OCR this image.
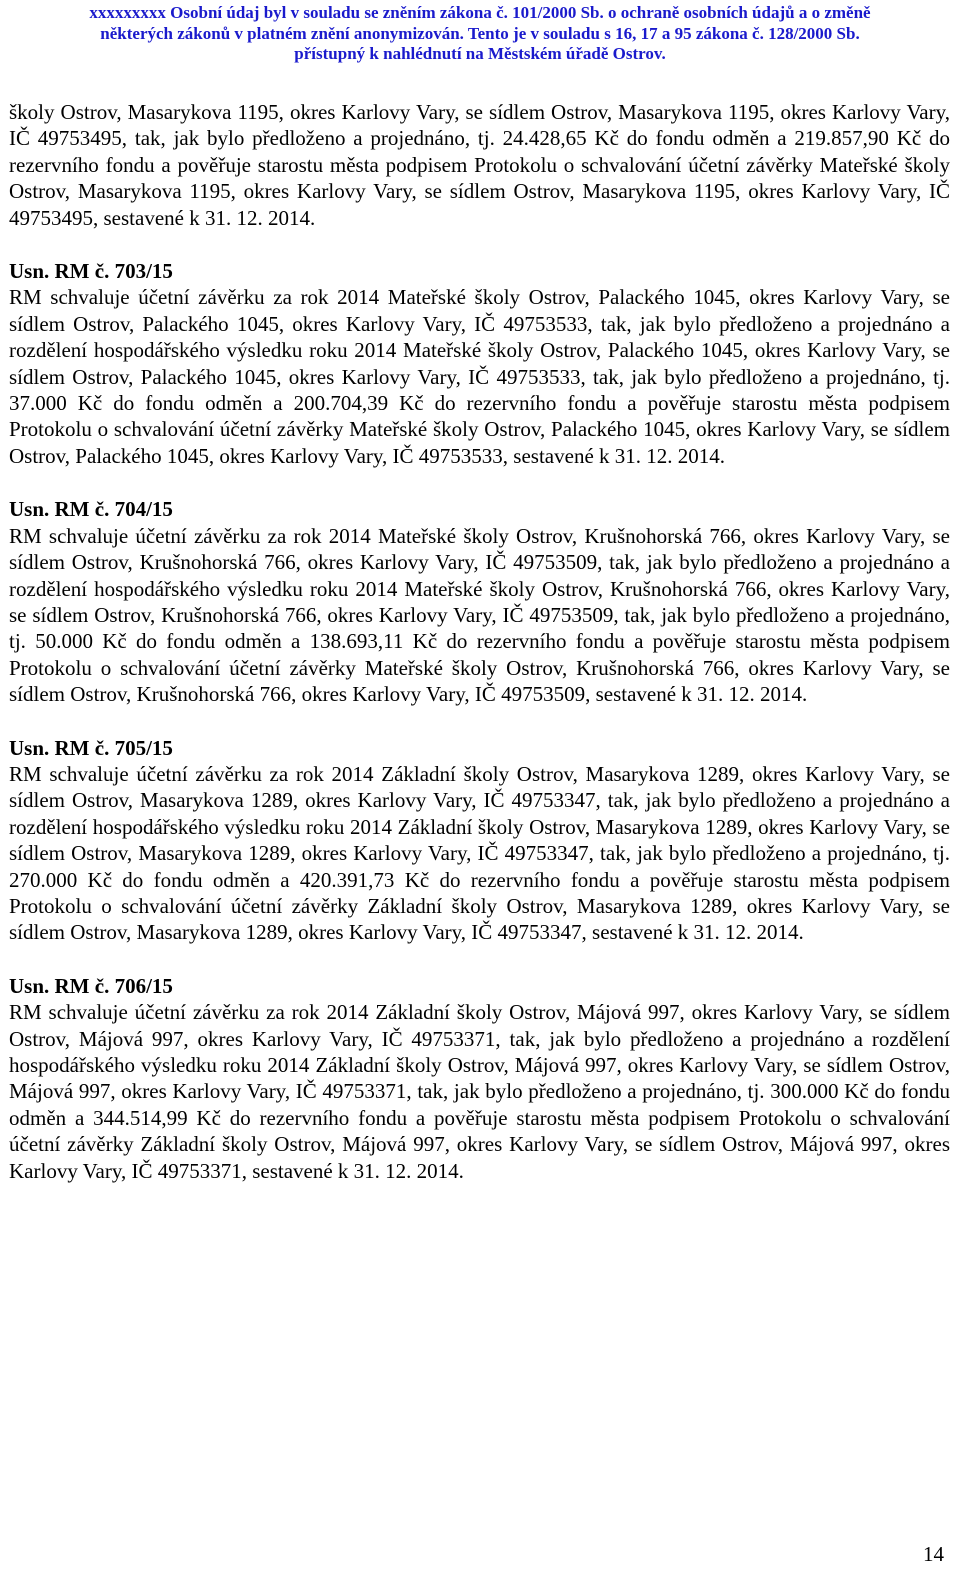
xxxxxxxxx Osobní údaj byl v souladu se zněním zákona č. 101/2000 Sb. o ochraně osobních údajů a o změně
některých zákonů v platném znění anonymizován. Tento je v souladu s 16, 17 a 95 zákona č. 128/2000 Sb.
přístupný k nahlédnutí na Městském úřadě Ostrov.

školy Ostrov, Masarykova 1195, okres Karlovy Vary, se sídlem Ostrov, Masarykova 1195, okres Karlovy Vary, IČ 49753495, tak, jak bylo předloženo a projednáno, tj. 24.428,65 Kč do fondu odměn a 219.857,90 Kč do rezervního fondu a pověřuje starostu města podpisem Protokolu o schvalování účetní závěrky Mateřské školy Ostrov, Masarykova 1195, okres Karlovy Vary, se sídlem Ostrov, Masarykova 1195, okres Karlovy Vary, IČ 49753495, sestavené k 31. 12. 2014.

Usn. RM č. 703/15

RM schvaluje účetní závěrku za rok 2014 Mateřské školy Ostrov, Palackého 1045, okres Karlovy Vary, se sídlem Ostrov, Palackého 1045, okres Karlovy Vary, IČ 49753533, tak, jak bylo předloženo a projednáno a rozdělení hospodářského výsledku roku 2014 Mateřské školy Ostrov, Palackého 1045, okres Karlovy Vary, se sídlem Ostrov, Palackého 1045, okres Karlovy Vary, IČ 49753533, tak, jak bylo předloženo a projednáno, tj. 37.000 Kč do fondu odměn a 200.704,39 Kč do rezervního fondu a pověřuje starostu města podpisem Protokolu o schvalování účetní závěrky Mateřské školy Ostrov, Palackého 1045, okres Karlovy Vary, se sídlem Ostrov, Palackého 1045, okres Karlovy Vary, IČ 49753533, sestavené k 31. 12. 2014.

Usn. RM č. 704/15

RM schvaluje účetní závěrku za rok 2014 Mateřské školy Ostrov, Krušnohorská 766, okres Karlovy Vary, se sídlem Ostrov, Krušnohorská 766, okres Karlovy Vary, IČ 49753509, tak, jak bylo předloženo a projednáno a rozdělení hospodářského výsledku roku 2014 Mateřské školy Ostrov, Krušnohorská 766, okres Karlovy Vary, se sídlem Ostrov, Krušnohorská 766, okres Karlovy Vary, IČ 49753509, tak, jak bylo předloženo a projednáno, tj. 50.000 Kč do fondu odměn a 138.693,11 Kč do rezervního fondu a pověřuje starostu města podpisem Protokolu o schvalování účetní závěrky Mateřské školy Ostrov, Krušnohorská 766, okres Karlovy Vary, se sídlem Ostrov, Krušnohorská 766, okres Karlovy Vary, IČ 49753509, sestavené k 31. 12. 2014.

Usn. RM č. 705/15

RM schvaluje účetní závěrku za rok 2014 Základní školy Ostrov, Masarykova 1289, okres Karlovy Vary, se sídlem Ostrov, Masarykova 1289, okres Karlovy Vary, IČ 49753347, tak, jak bylo předloženo a projednáno a rozdělení hospodářského výsledku roku 2014 Základní školy Ostrov, Masarykova 1289, okres Karlovy Vary, se sídlem Ostrov, Masarykova 1289, okres Karlovy Vary, IČ 49753347, tak, jak bylo předloženo a projednáno, tj. 270.000 Kč do fondu odměn a 420.391,73 Kč do rezervního fondu a pověřuje starostu města podpisem Protokolu o schvalování účetní závěrky Základní školy Ostrov, Masarykova 1289, okres Karlovy Vary, se sídlem Ostrov, Masarykova 1289, okres Karlovy Vary, IČ 49753347, sestavené k 31. 12. 2014.

Usn. RM č. 706/15

RM schvaluje účetní závěrku za rok 2014 Základní školy Ostrov, Májová 997, okres Karlovy Vary, se sídlem Ostrov, Májová 997, okres Karlovy Vary, IČ 49753371, tak, jak bylo předloženo a projednáno a rozdělení hospodářského výsledku roku 2014 Základní školy Ostrov, Májová 997, okres Karlovy Vary, se sídlem Ostrov, Májová 997, okres Karlovy Vary, IČ 49753371, tak, jak bylo předloženo a projednáno, tj. 300.000 Kč do fondu odměn a 344.514,99 Kč do rezervního fondu a pověřuje starostu města podpisem Protokolu o schvalování účetní závěrky Základní školy Ostrov, Májová 997, okres Karlovy Vary, se sídlem Ostrov, Májová 997, okres Karlovy Vary, IČ 49753371, sestavené k 31. 12. 2014.

14
